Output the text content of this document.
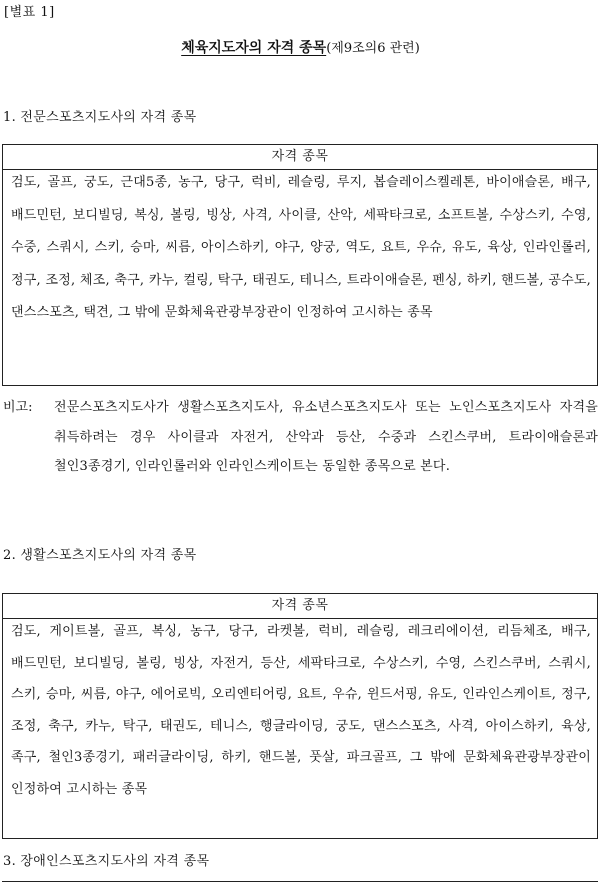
[별표 1]
체육지도자의 자격 종목(제9조의6 관련)
1. 전문스포츠지도사의 자격 종목
자격 종목
검도, 골프, 궁도, 근대5종, 농구, 당구, 럭비, 레슬링, 루지, 봅슬레이스켈레톤, 바이애슬론, 배구, 배드민턴, 보디빌딩, 복싱, 볼링, 빙상, 사격, 사이클, 산악, 세팍타크로, 소프트볼, 수상스키, 수영, 수중, 스쿼시, 스키, 승마, 씨름, 아이스하키, 야구, 양궁, 역도, 요트, 우슈, 유도, 육상, 인라인롤러, 정구, 조정, 체조, 축구, 카누, 컬링, 탁구, 태권도, 테니스, 트라이애슬론, 펜싱, 하키, 핸드볼, 공수도, 댄스스포츠, 택견, 그 밖에 문화체육관광부장관이 인정하여 고시하는 종목
비고: 전문스포츠지도사가 생활스포츠지도사, 유소년스포츠지도사 또는 노인스포츠지도사 자격을 취득하려는 경우 사이클과 자전거, 산악과 등산, 수중과 스킨스쿠버, 트라이애슬론과 철인3종경기, 인라인롤러와 인라인스케이트는 동일한 종목으로 본다.
2. 생활스포츠지도사의 자격 종목
자격 종목
검도, 게이트볼, 골프, 복싱, 농구, 당구, 라켓볼, 럭비, 레슬링, 레크리에이션, 리듬체조, 배구, 배드민턴, 보디빌딩, 볼링, 빙상, 자전거, 등산, 세팍타크로, 수상스키, 수영, 스킨스쿠버, 스쿼시, 스키, 승마, 씨름, 야구, 에어로빅, 오리엔티어링, 요트, 우슈, 윈드서핑, 유도, 인라인스케이트, 정구, 조정, 축구, 카누, 탁구, 태권도, 테니스, 행글라이딩, 궁도, 댄스스포츠, 사격, 아이스하키, 육상, 족구, 철인3종경기, 패러글라이딩, 하키, 핸드볼, 풋살, 파크골프, 그 밖에 문화체육관광부장관이 인정하여 고시하는 종목
3. 장애인스포츠지도사의 자격 종목
